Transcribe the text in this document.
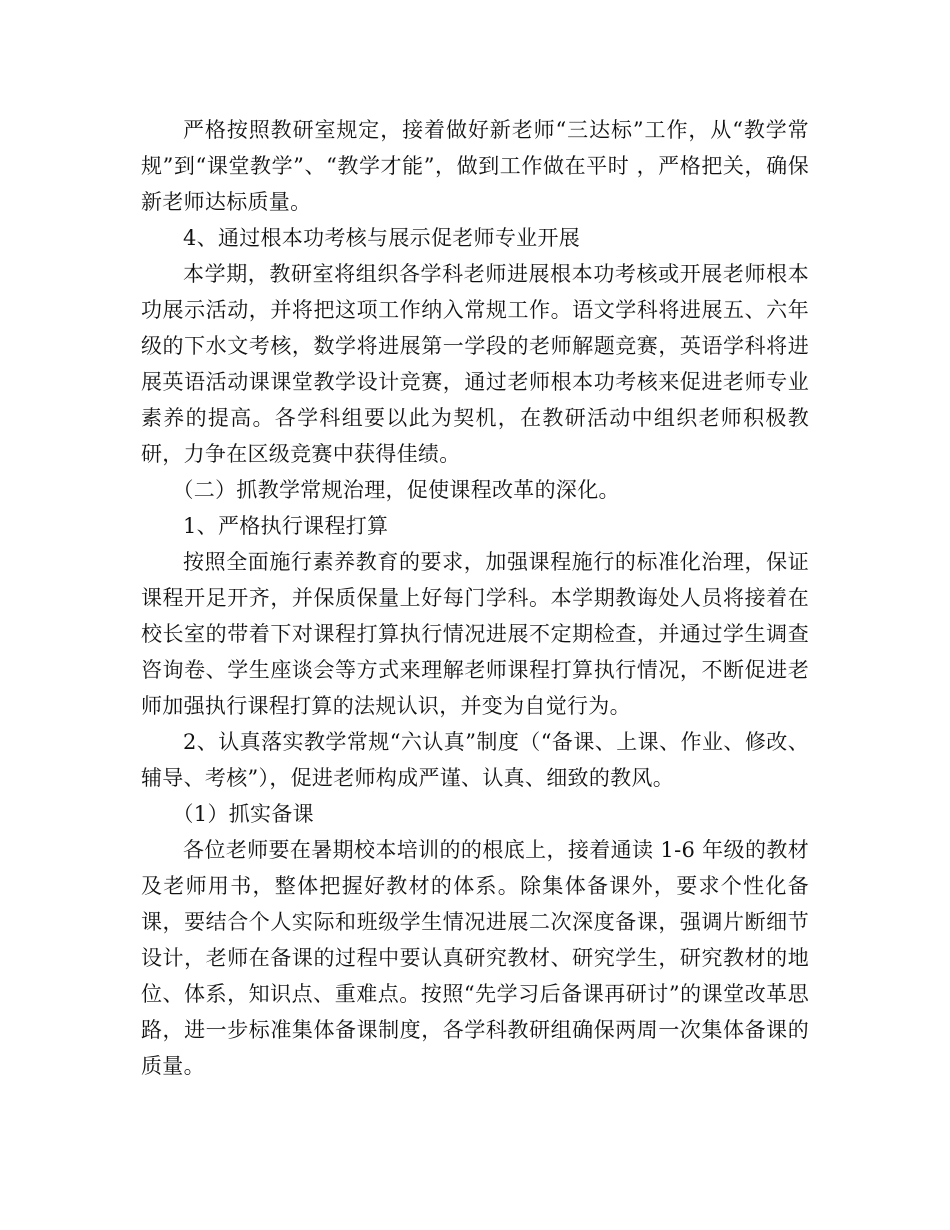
严格按照教研室规定，接着做好新老师“三达标”工作，从“教学常规”到“课堂教学”、“教学才能”，做到工作做在平时 ，严格把关，确保新老师达标质量。

4、通过根本功考核与展示促老师专业开展

本学期，教研室将组织各学科老师进展根本功考核或开展老师根本功展示活动，并将把这项工作纳入常规工作。语文学科将进展五、六年级的下水文考核，数学将进展第一学段的老师解题竞赛，英语学科将进展英语活动课课堂教学设计竞赛，通过老师根本功考核来促进老师专业素养的提高。各学科组要以此为契机，在教研活动中组织老师积极教研，力争在区级竞赛中获得佳绩。

（二）抓教学常规治理，促使课程改革的深化。

1、严格执行课程打算

按照全面施行素养教育的要求，加强课程施行的标准化治理，保证课程开足开齐，并保质保量上好每门学科。本学期教诲处人员将接着在校长室的带着下对课程打算执行情况进展不定期检查，并通过学生调查咨询卷、学生座谈会等方式来理解老师课程打算执行情况，不断促进老师加强执行课程打算的法规认识，并变为自觉行为。

2、认真落实教学常规“六认真”制度（“备课、上课、作业、修改、辅导、考核”），促进老师构成严谨、认真、细致的教风。

（1）抓实备课

各位老师要在暑期校本培训的的根底上，接着通读 1-6 年级的教材及老师用书，整体把握好教材的体系。除集体备课外，要求个性化备课，要结合个人实际和班级学生情况进展二次深度备课，强调片断细节设计，老师在备课的过程中要认真研究教材、研究学生，研究教材的地位、体系，知识点、重难点。按照“先学习后备课再研讨”的课堂改革思路，进一步标准集体备课制度，各学科教研组确保两周一次集体备课的质量。
